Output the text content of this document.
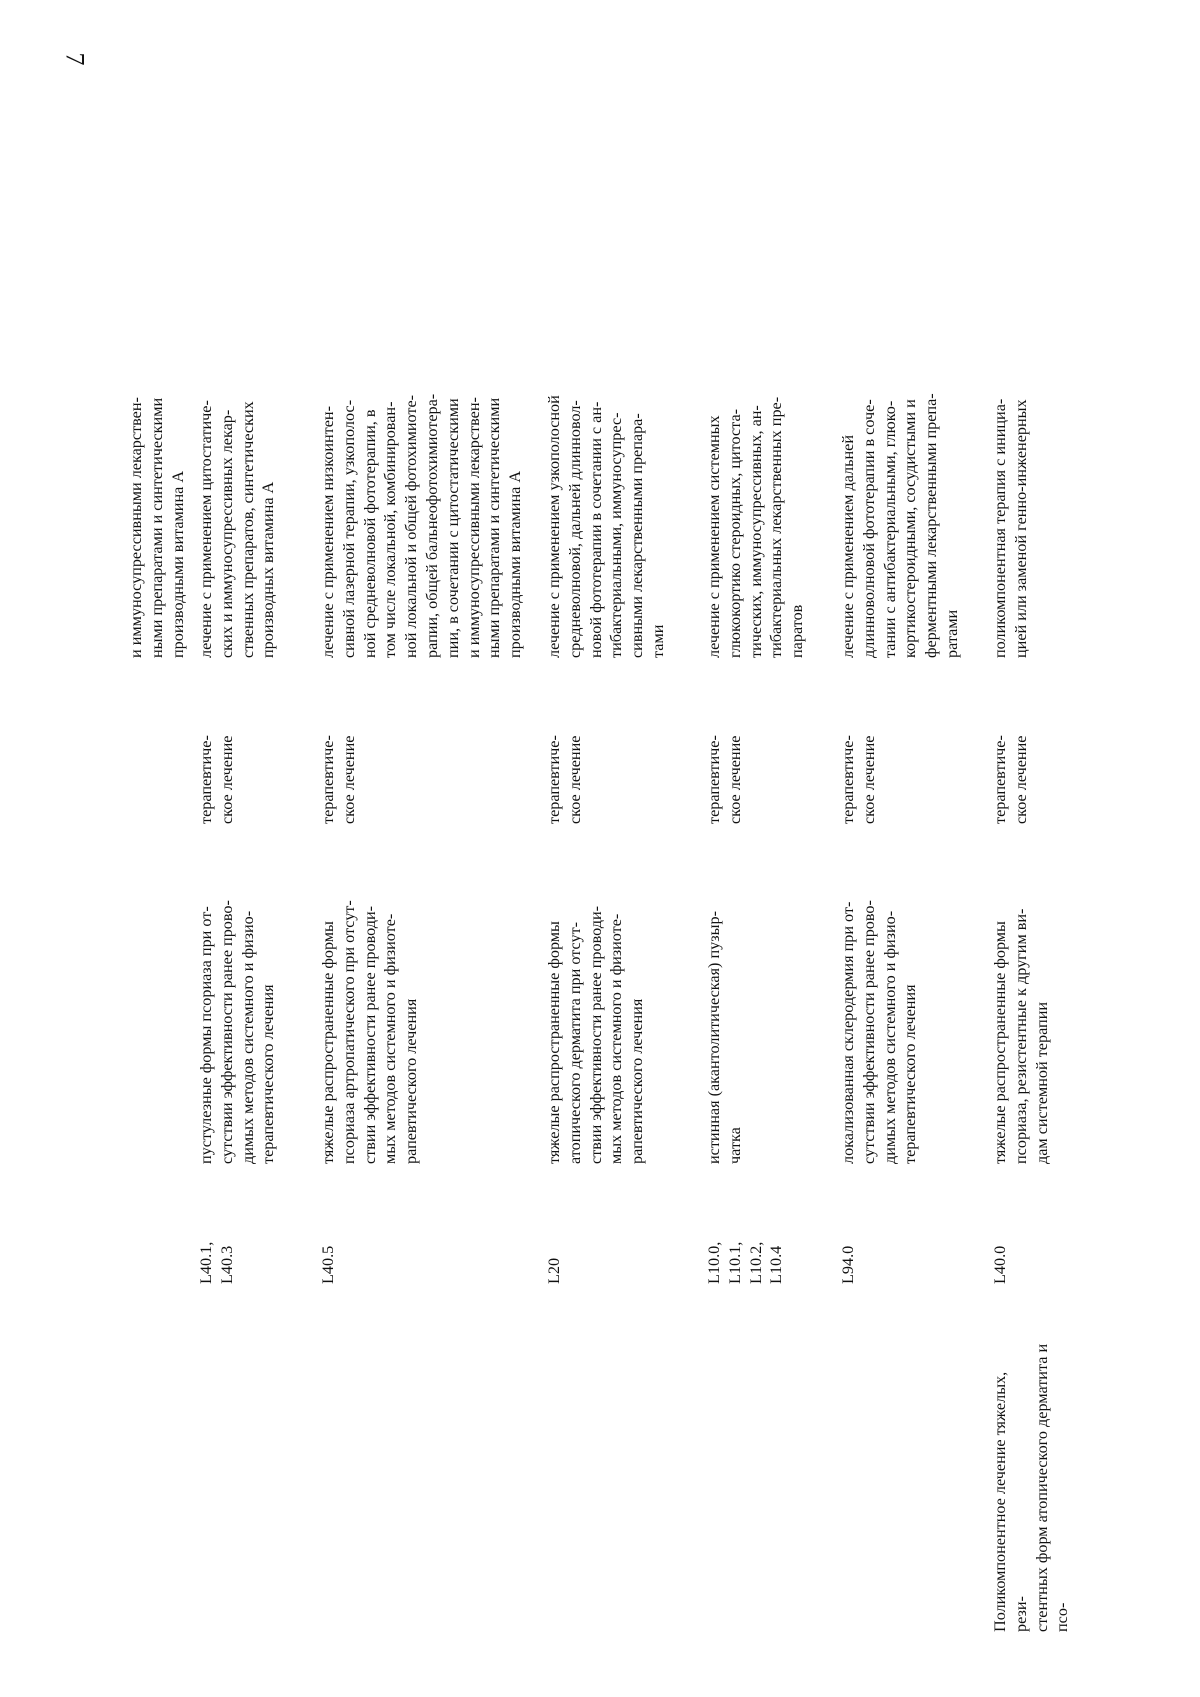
7
и иммуносупрессивными лекарствен-
ными препаратами и синтетическими
производными витамина А
L40.1,
L40.3
пустулезные формы псориаза при от-
сутствии эффективности ранее прово-
димых методов системного и физио-
терапевтического лечения
терапевтиче-
ское лечение
лечение с применением цитостатиче-
ских и иммуносупрессивных лекар-
ственных препаратов, синтетических
производных витамина А
L40.5
тяжелые распространенные формы
псориаза артропатического при отсут-
ствии эффективности ранее проводи-
мых методов системного и физиоте-
рапевтического лечения
терапевтиче-
ское лечение
лечение с применением низкоинтен-
сивной лазерной терапии, узкополос-
ной средневолновой фототерапии, в
том числе локальной, комбинирован-
ной локальной и общей фотохимиоте-
рапии, общей бальнеофотохимиотера-
пии, в сочетании с цитостатическими
и иммуносупрессивными лекарствен-
ными препаратами и синтетическими
производными витамина А
L20
тяжелые распространенные формы
атопического дерматита при отсут-
ствии эффективности ранее проводи-
мых методов системного и физиоте-
рапевтического лечения
терапевтиче-
ское лечение
лечение с применением узкополосной
средневолновой, дальней длинновол-
новой фототерапии в сочетании с ан-
тибактериальными, иммуносупрес-
сивными лекарственными препара-
тами
L10.0,
L10.1,
L10.2,
L10.4
истинная (акантолитическая) пузыр-
чатка
терапевтиче-
ское лечение
лечение с применением системных
глюкокортико стероидных, цитоста-
тических, иммуносупрессивных, ан-
тибактериальных лекарственных пре-
паратов
L94.0
локализованная склеродермия при от-
сутствии эффективности ранее прово-
димых методов системного и физио-
терапевтического лечения
терапевтиче-
ское лечение
лечение с применением дальней
длинноволновой фототерапии в соче-
тании с антибактериальными, глюко-
кортикостероидными, сосудистыми и
ферментными лекарственными препа-
ратами
Поликомпонентное лечение тяжелых, рези-
стентных форм атопического дерматита и псо-
L40.0
тяжелые распространенные формы
псориаза, резистентные к другим ви-
дам системной терапии
терапевтиче-
ское лечение
поликомпонентная терапия с инициа-
цией или заменой генно-инженерных
